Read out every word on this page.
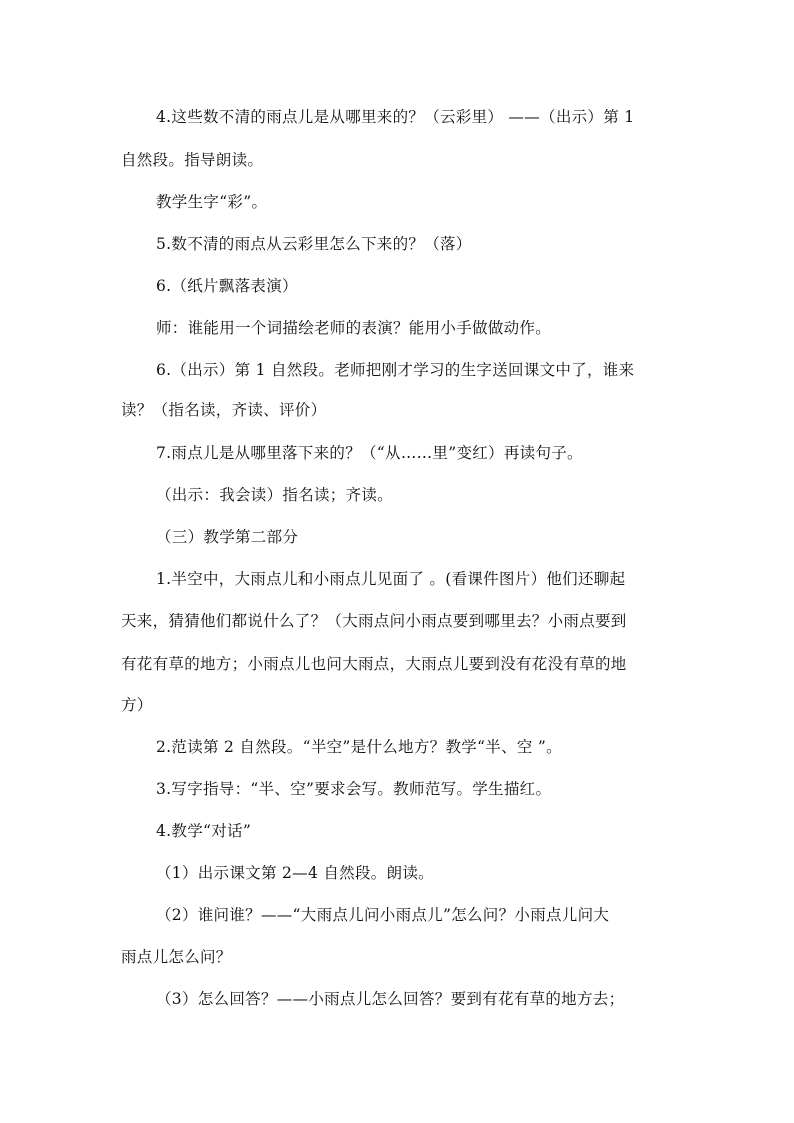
4.这些数不清的雨点儿是从哪里来的？（云彩里） ——（出示）第 1
自然段。指导朗读。
教学生字“彩”。
5.数不清的雨点从云彩里怎么下来的？（落）
6.（纸片飘落表演）
师：谁能用一个词描绘老师的表演？能用小手做做动作。
6.（出示）第 1 自然段。老师把刚才学习的生字送回课文中了，谁来
读？（指名读，齐读、评价）
7.雨点儿是从哪里落下来的？（“从……里”变红）再读句子。
（出示：我会读）指名读；齐读。
（三）教学第二部分
1.半空中，大雨点儿和小雨点儿见面了 。(看课件图片）他们还聊起
天来，猜猜他们都说什么了？（大雨点问小雨点要到哪里去？小雨点要到
有花有草的地方；小雨点儿也问大雨点，大雨点儿要到没有花没有草的地
方）
2.范读第 2 自然段。“半空”是什么地方？教学“半、空 ”。
3.写字指导：“半、空”要求会写。教师范写。学生描红。
4.教学“对话”
（1）出示课文第 2—4 自然段。朗读。
（2）谁问谁？——“大雨点儿问小雨点儿”怎么问？小雨点儿问大
雨点儿怎么问？
（3）怎么回答？——小雨点儿怎么回答？要到有花有草的地方去；
